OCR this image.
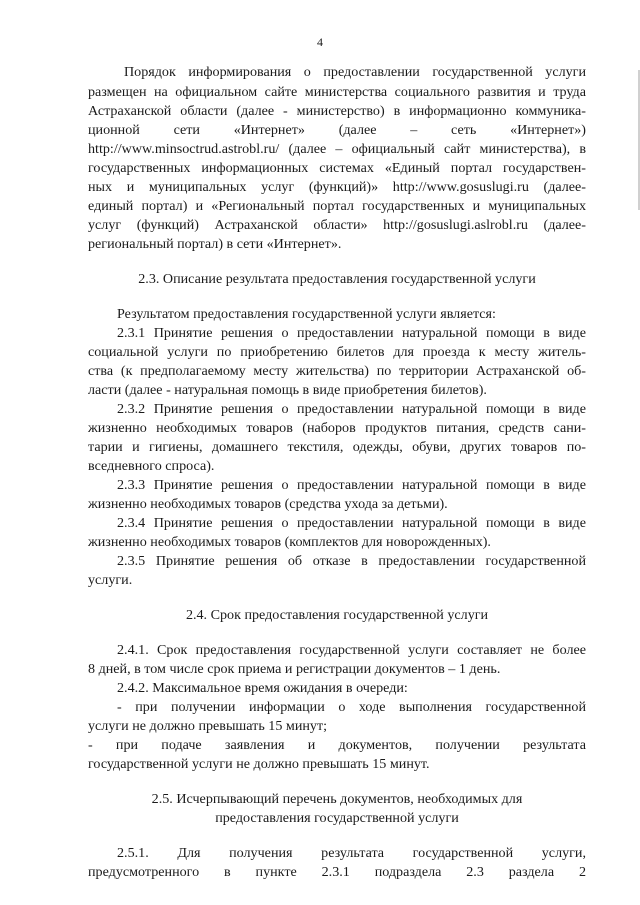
4
Порядок информирования о предоставлении государственной услуги
размещен на официальном сайте министерства социального развития и труда
Астраханской области (далее - министерство) в информационно коммуника-
ционной сети «Интернет» (далее – сеть «Интернет»)
http://www.minsoctrud.astrobl.ru/ (далее – официальный сайт министерства), в
государственных информационных системах «Единый портал государствен-
ных и муниципальных услуг (функций)» http://www.gosuslugi.ru (далее-
единый портал) и «Региональный портал государственных и муниципальных
услуг (функций) Астраханской области» http://gosuslugi.aslrobl.ru (далее-
региональный портал) в сети «Интернет».
2.3. Описание результата предоставления государственной услуги
Результатом предоставления государственной услуги является:
2.3.1 Принятие решения о предоставлении натуральной помощи в виде
социальной услуги по приобретению билетов для проезда к месту житель-
ства (к предполагаемому месту жительства) по территории Астраханской об-
ласти (далее - натуральная помощь в виде приобретения билетов).
2.3.2 Принятие решения о предоставлении натуральной помощи в виде
жизненно необходимых товаров (наборов продуктов питания, средств сани-
тарии и гигиены, домашнего текстиля, одежды, обуви, других товаров по-
вседневного спроса).
2.3.3 Принятие решения о предоставлении натуральной помощи в виде
жизненно необходимых товаров (средства ухода за детьми).
2.3.4 Принятие решения о предоставлении натуральной помощи в виде
жизненно необходимых товаров (комплектов для новорожденных).
2.3.5 Принятие решения об отказе в предоставлении государственной
услуги.
2.4. Срок предоставления государственной услуги
2.4.1. Срок предоставления государственной услуги составляет не более
8 дней, в том числе срок приема и регистрации документов – 1 день.
2.4.2. Максимальное время ожидания в очереди:
- при получении информации о ходе выполнения государственной
услуги не должно превышать 15 минут;
- при подаче заявления и документов, получении результата
государственной услуги не должно превышать 15 минут.
2.5. Исчерпывающий перечень документов, необходимых для
предоставления государственной услуги
2.5.1. Для получения результата государственной услуги,
предусмотренного в пункте 2.3.1 подраздела 2.3 раздела 2
